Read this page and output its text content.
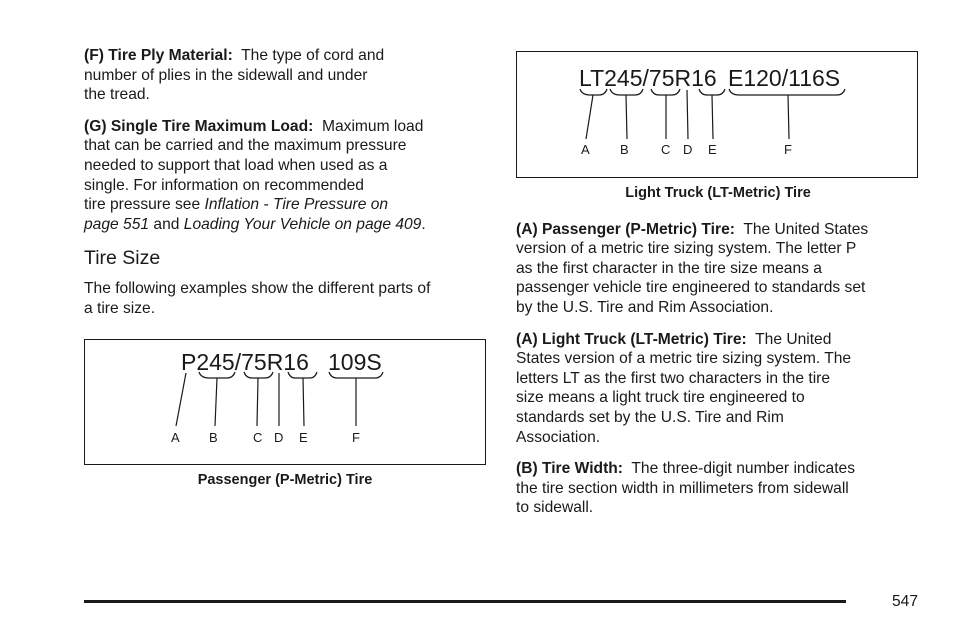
(F) Tire Ply Material: The type of cord and
number of plies in the sidewall and under
the tread.

(G) Single Tire Maximum Load: Maximum load
that can be carried and the maximum pressure
needed to support that load when used as a
single. For information on recommended
tire pressure see Inflation - Tire Pressure on
page 551 and Loading Your Vehicle on page 409.

Tire Size

The following examples show the different parts of
a tire size.

P245/75R16 109S
A B	C D E	F
Passenger (P-Metric) Tire
LT245/75R16 E120/116S
A B C D E	F
Light Truck (LT-Metric) Tire

(A) Passenger (P-Metric) Tire: The United States
version of a metric tire sizing system. The letter P
as the first character in the tire size means a
passenger vehicle tire engineered to standards set
by the U.S. Tire and Rim Association.

(A) Light Truck (LT-Metric) Tire: The United
States version of a metric tire sizing system. The
letters LT as the first two characters in the tire
size means a light truck tire engineered to
standards set by the U.S. Tire and Rim
Association.

(B) Tire Width: The three-digit number indicates
the tire section width in millimeters from sidewall
to sidewall.

547
